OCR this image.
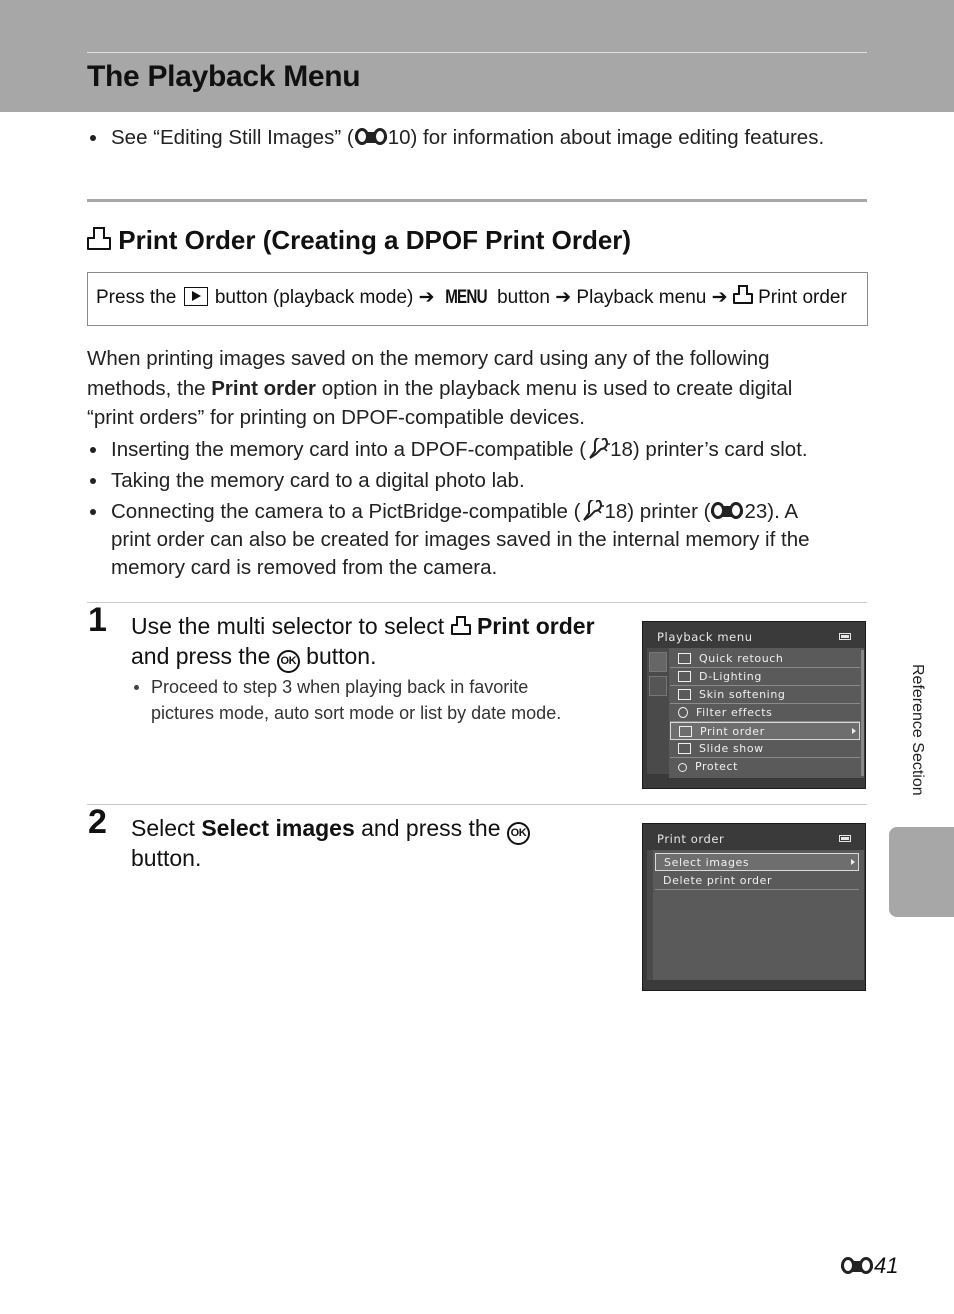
The Playback Menu
See “Editing Still Images” ( 10) for information about image editing features.
Print Order (Creating a DPOF Print Order)
Press the button (playback mode) ➔ MENU button ➔ Playback menu ➔ Print order
When printing images saved on the memory card using any of the following
methods, the Print order option in the playback menu is used to create digital
“print orders” for printing on DPOF-compatible devices.
Inserting the memory card into a DPOF-compatible ( 18) printer’s card slot.
Taking the memory card to a digital photo lab.
Connecting the camera to a PictBridge-compatible ( 18) printer ( 23). A
print order can also be created for images saved in the internal memory if the
memory card is removed from the camera.
1 Use the multi selector to select
Print order
and press the OK button.
Proceed to step 3 when playing back in favorite
pictures mode, auto sort mode or list by date mode.
Playback menu
Quick retouch
D-Lighting
Skin softening
Filter effects
Print order
Slide show
Protect
2 Select Select images and press the OK
button.
Print order
Select images
Delete print order
Reference Section
41
